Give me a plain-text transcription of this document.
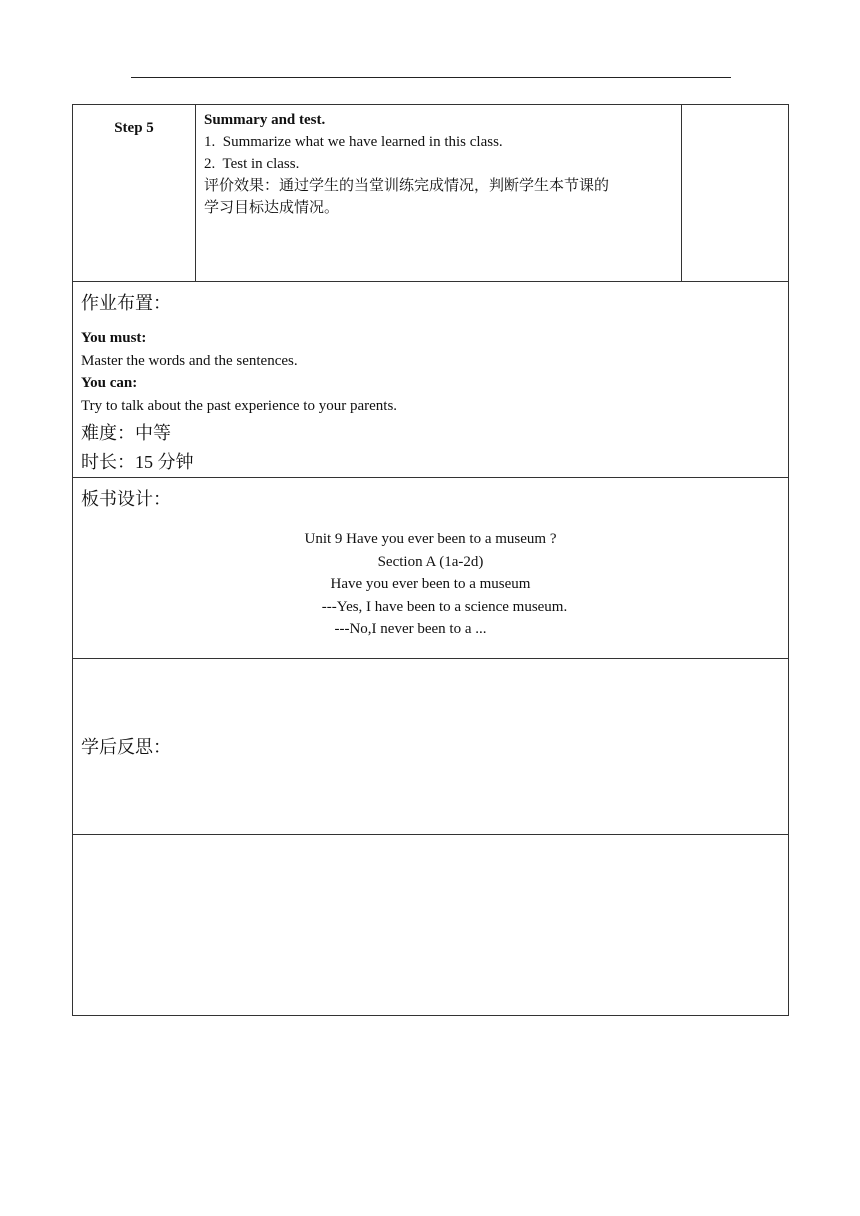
Step 5	Summary and test.
1.  Summarize what we have learned in this class.
2.  Test in class.
评价效果：通过学生的当堂训练完成情况，判断学生本节课的
学习目标达成情况。

作业布置：
You must:
Master the words and the sentences.
You can:
Try to talk about the past experience to your parents.
难度：中等
时长：15 分钟

板书设计：
Unit 9 Have you ever been to a museum ?
Section A (1a-2d)
Have you ever been to a museum
---Yes, I have been to a science museum.
---No,I never been to a ...

学后反思：
